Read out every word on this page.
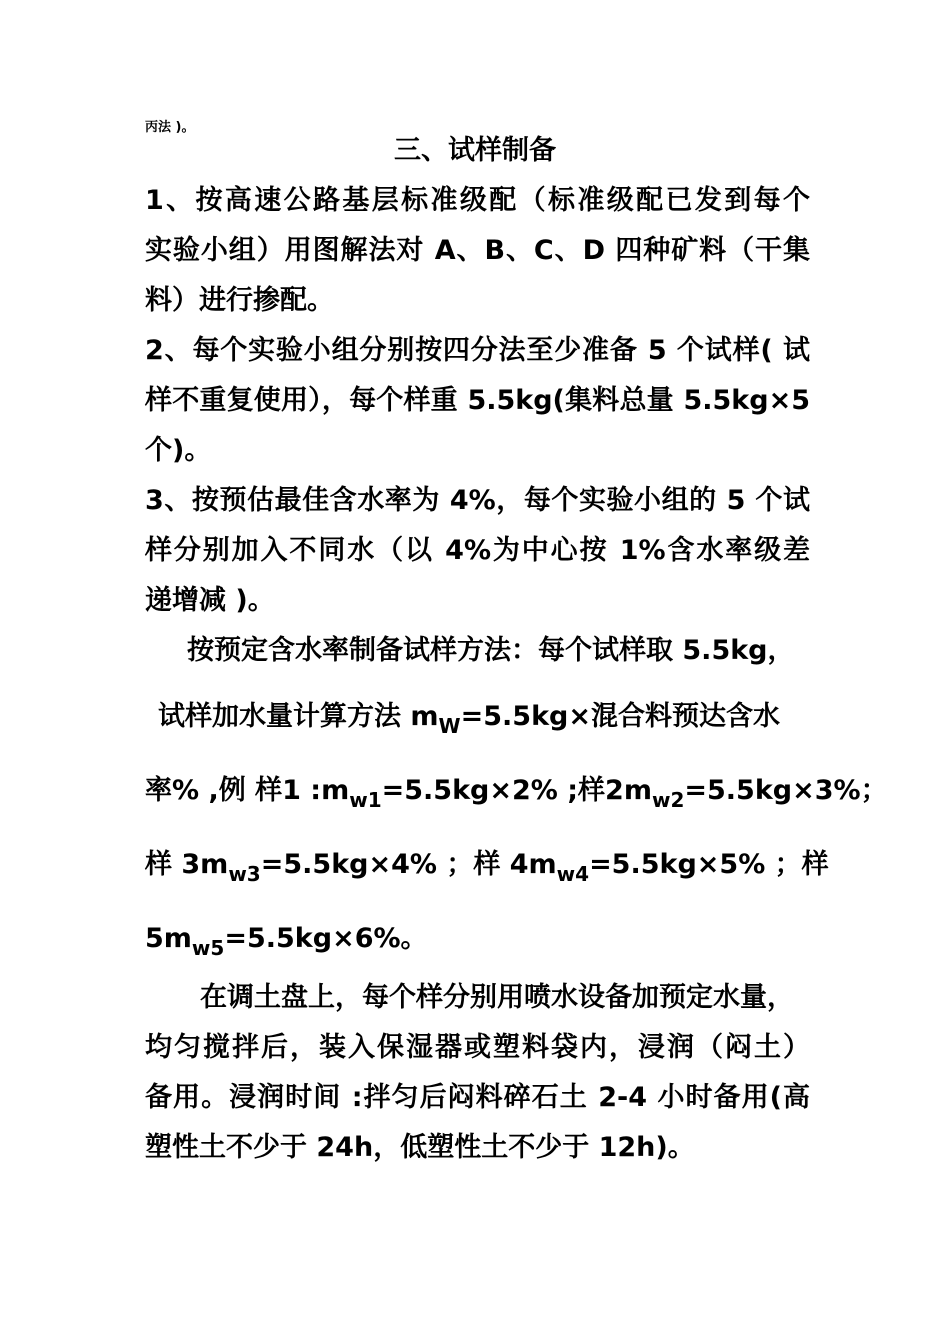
丙法 )。
三、试样制备
1、按高速公路基层标准级配（标准级配已发到每个
实验小组）用图解法对 A、B、C、D 四种矿料（干集
料）进行掺配。
2、每个实验小组分别按四分法至少准备 5 个试样( 试
样不重复使用），每个样重 5.5kg(集料总量 5.5kg×5
个)。
3、按预估最佳含水率为 4%，每个实验小组的 5 个试
样分别加入不同水（以 4%为中心按 1%含水率级差
递增减 )。
按预定含水率制备试样方法：每个试样取 5.5kg，
试样加水量计算方法 $m_W=5.5kg\times$混合料预达含水
率% ,例 样1 $:m_{w1}=5.5kg\times 2\%$ ;样$2m_{w2}=5.5kg\times 3\%$；
样 $3m_{w3}=5.5kg\times 4\%$ ；样 $4m_{w4}=5.5kg\times 5\%$ ；样
$5m_{w5}=5.5kg\times 6\%$。
在调土盘上，每个样分别用喷水设备加预定水量，
均匀搅拌后，装入保湿器或塑料袋内，浸润（闷土）
备用。浸润时间 :拌匀后闷料碎石土 2-4 小时备用(高
塑性土不少于 24h，低塑性土不少于 12h)。
